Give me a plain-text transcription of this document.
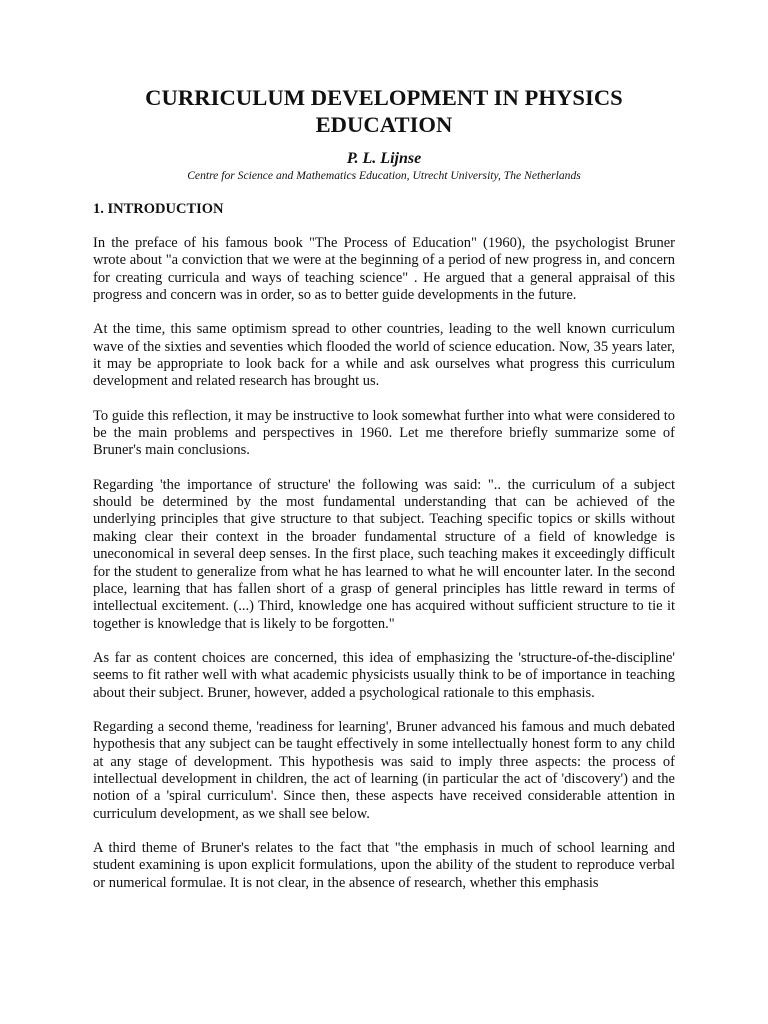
CURRICULUM DEVELOPMENT IN PHYSICS EDUCATION

P. L. Lijnse

Centre for Science and Mathematics Education, Utrecht University, The Netherlands

1. INTRODUCTION

In the preface of his famous book "The Process of Education" (1960), the psychologist Bruner wrote about "a conviction that we were at the beginning of a period of new progress in, and concern for creating curricula and ways of teaching science" . He argued that a general appraisal of this progress and concern was in order, so as to better guide developments in the future.

At the time, this same optimism spread to other countries, leading to the well known curriculum wave of the sixties and seventies which flooded the world of science education. Now, 35 years later, it may be appropriate to look back for a while and ask ourselves what progress this curriculum development and related research has brought us.

To guide this reflection, it may be instructive to look somewhat further into what were considered to be the main problems and perspectives in 1960. Let me therefore briefly summarize some of Bruner's main conclusions.

Regarding 'the importance of structure' the following was said: ".. the curriculum of a subject should be determined by the most fundamental understanding that can be achieved of the underlying principles that give structure to that subject. Teaching specific topics or skills without making clear their context in the broader fundamental structure of a field of knowledge is uneconomical in several deep senses. In the first place, such teaching makes it exceedingly difficult for the student to generalize from what he has learned to what he will encounter later. In the second place, learning that has fallen short of a grasp of general principles has little reward in terms of intellectual excitement. (...) Third, knowledge one has acquired without sufficient structure to tie it together is knowledge that is likely to be forgotten."

As far as content choices are concerned, this idea of emphasizing the 'structure-of-the-discipline' seems to fit rather well with what academic physicists usually think to be of importance in teaching about their subject. Bruner, however, added a psychological rationale to this emphasis.

Regarding a second theme, 'readiness for learning', Bruner advanced his famous and much debated hypothesis that any subject can be taught effectively in some intellectually honest form to any child at any stage of development. This hypothesis was said to imply three aspects: the process of intellectual development in children, the act of learning (in particular the act of 'discovery') and the notion of a 'spiral curriculum'. Since then, these aspects have received considerable attention in curriculum development, as we shall see below.

A third theme of Bruner's relates to the fact that "the emphasis in much of school learning and student examining is upon explicit formulations, upon the ability of the student to reproduce verbal or numerical formulae. It is not clear, in the absence of research, whether this emphasis
